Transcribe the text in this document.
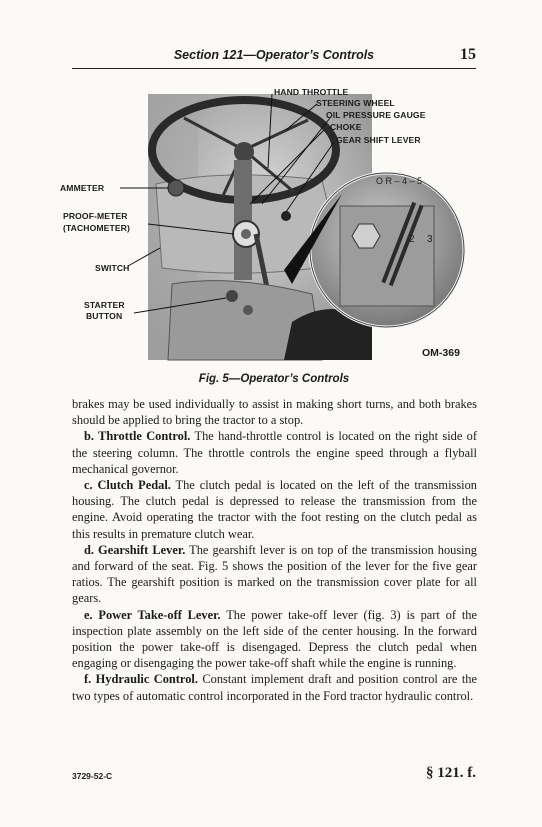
Section 121—Operator’s Controls	15
2 3
O R – 4 – 5
HAND THROTTLE
STEERING WHEEL
OIL PRESSURE GAUGE
CHOKE
GEAR SHIFT LEVER
AMMETER
PROOF-METER
(TACHOMETER)
SWITCH
STARTER
BUTTON
OM-369
Fig. 5—Operator’s Controls

brakes may be used individually to assist in making short turns, and both brakes should be applied to bring the tractor to a stop.

b. Throttle Control. The hand-throttle control is located on the right side of the steering column. The throttle controls the engine speed through a flyball mechanical governor.

c. Clutch Pedal. The clutch pedal is located on the left of the transmission housing. The clutch pedal is depressed to release the transmission from the engine. Avoid operating the tractor with the foot resting on the clutch pedal as this results in premature clutch wear.

d. Gearshift Lever. The gearshift lever is on top of the transmission housing and forward of the seat. Fig. 5 shows the position of the lever for the five gear ratios. The gearshift position is marked on the transmission cover plate for all gears.

e. Power Take-off Lever. The power take-off lever (fig. 3) is part of the inspection plate assembly on the left side of the center housing. In the forward position the power take-off is disengaged. Depress the clutch pedal when engaging or disengaging the power take-off shaft while the engine is running.

f. Hydraulic Control. Constant implement draft and position control are the two types of automatic control incorporated in the Ford tractor hydraulic control.

3729-52-C	§ 121. f.
